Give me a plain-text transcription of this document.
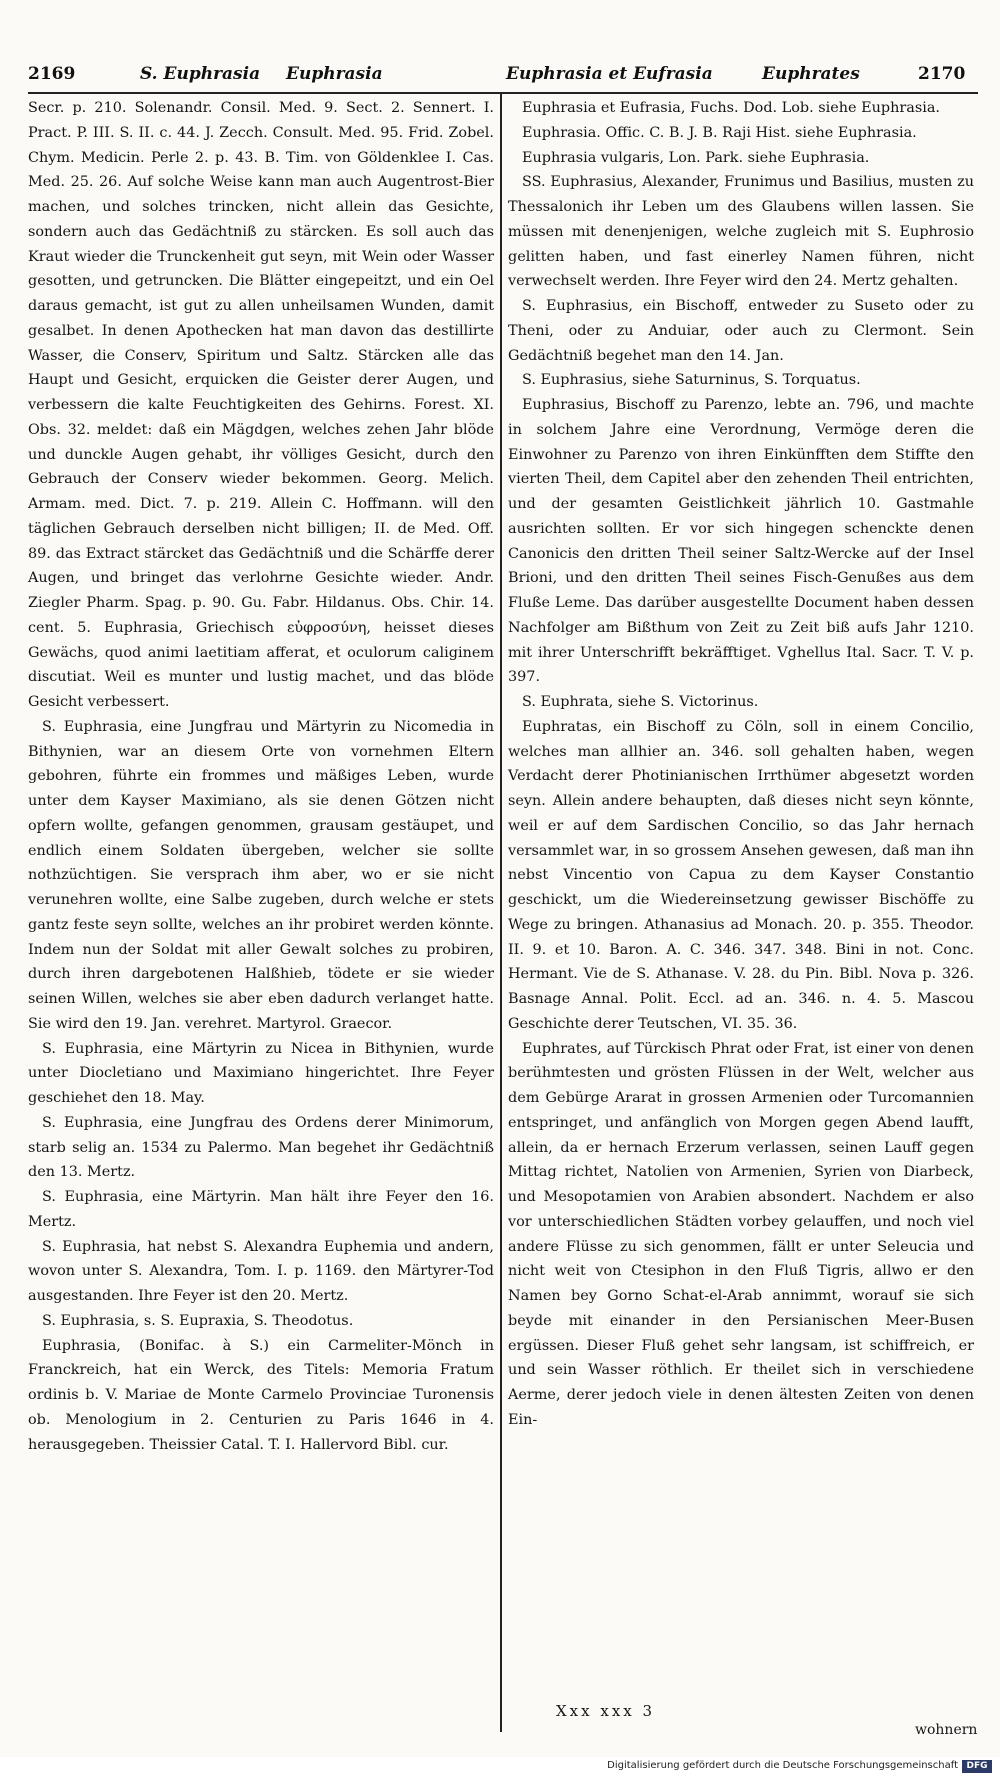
2169	S. Euphrasia Euphrasia	Euphrasia et Eufrasia	Euphrates	2170

Secr. p. 210. Solenandr. Consil. Med. 9. Sect. 2. Sennert. I. Pract. P. III. S. II. c. 44. J. Zecch. Consult. Med. 95. Frid. Zobel. Chym. Medicin. Perle 2. p. 43. B. Tim. von Göldenklee I. Cas. Med. 25. 26. Auf solche Weise kann man auch Augentrost-Bier machen, und solches trincken, nicht allein das Gesichte, sondern auch das Gedächtniß zu stärcken. Es soll auch das Kraut wieder die Trunckenheit gut seyn, mit Wein oder Wasser gesotten, und getruncken. Die Blätter eingepeitzt, und ein Oel daraus gemacht, ist gut zu allen unheilsamen Wunden, damit gesalbet. In denen Apothecken hat man davon das destillirte Wasser, die Conserv, Spiritum und Saltz. Stärcken alle das Haupt und Gesicht, erquicken die Geister derer Augen, und verbessern die kalte Feuchtigkeiten des Gehirns. Forest. XI. Obs. 32. meldet: daß ein Mägdgen, welches zehen Jahr blöde und dunckle Augen gehabt, ihr völliges Gesicht, durch den Gebrauch der Conserv wieder bekommen. Georg. Melich. Armam. med. Dict. 7. p. 219. Allein C. Hoffmann. will den täglichen Gebrauch derselben nicht billigen; II. de Med. Off. 89. das Extract stärcket das Gedächtniß und die Schärffe derer Augen, und bringet das verlohrne Gesichte wieder. Andr. Ziegler Pharm. Spag. p. 90. Gu. Fabr. Hildanus. Obs. Chir. 14. cent. 5. Euphrasia, Griechisch εὐφροσύνη, heisset dieses Gewächs, quod animi laetitiam afferat, et oculorum caliginem discutiat. Weil es munter und lustig machet, und das blöde Gesicht verbessert.

S. Euphrasia, eine Jungfrau und Märtyrin zu Nicomedia in Bithynien, war an diesem Orte von vornehmen Eltern gebohren, führte ein frommes und mäßiges Leben, wurde unter dem Kayser Maximiano, als sie denen Götzen nicht opfern wollte, gefangen genommen, grausam gestäupet, und endlich einem Soldaten übergeben, welcher sie sollte nothzüchtigen. Sie versprach ihm aber, wo er sie nicht verunehren wollte, eine Salbe zugeben, durch welche er stets gantz feste seyn sollte, welches an ihr probiret werden könnte. Indem nun der Soldat mit aller Gewalt solches zu probiren, durch ihren dargebotenen Halßhieb, tödete er sie wieder seinen Willen, welches sie aber eben dadurch verlanget hatte. Sie wird den 19. Jan. verehret. Martyrol. Graecor.

S. Euphrasia, eine Märtyrin zu Nicea in Bithynien, wurde unter Diocletiano und Maximiano hingerichtet. Ihre Feyer geschiehet den 18. May.

S. Euphrasia, eine Jungfrau des Ordens derer Minimorum, starb selig an. 1534 zu Palermo. Man begehet ihr Gedächtniß den 13. Mertz.

S. Euphrasia, eine Märtyrin. Man hält ihre Feyer den 16. Mertz.

S. Euphrasia, hat nebst S. Alexandra Euphemia und andern, wovon unter S. Alexandra, Tom. I. p. 1169. den Märtyrer-Tod ausgestanden. Ihre Feyer ist den 20. Mertz.

S. Euphrasia, s. S. Eupraxia, S. Theodotus.

Euphrasia, (Bonifac. à S.) ein Carmeliter-Mönch in Franckreich, hat ein Werck, des Titels: Memoria Fratum ordinis b. V. Mariae de Monte Carmelo Provinciae Turonensis ob. Menologium in 2. Centurien zu Paris 1646 in 4. herausgegeben. Theissier Catal. T. I. Hallervord Bibl. cur.

Euphrasia et Eufrasia, Fuchs. Dod. Lob. siehe Euphrasia.

Euphrasia. Offic. C. B. J. B. Raji Hist. siehe Euphrasia.

Euphrasia vulgaris, Lon. Park. siehe Euphrasia.

SS. Euphrasius, Alexander, Frunimus und Basilius, musten zu Thessalonich ihr Leben um des Glaubens willen lassen. Sie müssen mit denenjenigen, welche zugleich mit S. Euphrosio gelitten haben, und fast einerley Namen führen, nicht verwechselt werden. Ihre Feyer wird den 24. Mertz gehalten.

S. Euphrasius, ein Bischoff, entweder zu Suseto oder zu Theni, oder zu Anduiar, oder auch zu Clermont. Sein Gedächtniß begehet man den 14. Jan.

S. Euphrasius, siehe Saturninus, S. Torquatus.

Euphrasius, Bischoff zu Parenzo, lebte an. 796, und machte in solchem Jahre eine Verordnung, Vermöge deren die Einwohner zu Parenzo von ihren Einkünfften dem Stiffte den vierten Theil, dem Capitel aber den zehenden Theil entrichten, und der gesamten Geistlichkeit jährlich 10. Gastmahle ausrichten sollten. Er vor sich hingegen schenckte denen Canonicis den dritten Theil seiner Saltz-Wercke auf der Insel Brioni, und den dritten Theil seines Fisch-Genußes aus dem Fluße Leme. Das darüber ausgestellte Document haben dessen Nachfolger am Bißthum von Zeit zu Zeit biß aufs Jahr 1210. mit ihrer Unterschrifft bekräfftiget. Vghellus Ital. Sacr. T. V. p. 397.

S. Euphrata, siehe S. Victorinus.

Euphratas, ein Bischoff zu Cöln, soll in einem Concilio, welches man allhier an. 346. soll gehalten haben, wegen Verdacht derer Photinianischen Irrthümer abgesetzt worden seyn. Allein andere behaupten, daß dieses nicht seyn könnte, weil er auf dem Sardischen Concilio, so das Jahr hernach versammlet war, in so grossem Ansehen gewesen, daß man ihn nebst Vincentio von Capua zu dem Kayser Constantio geschickt, um die Wiedereinsetzung gewisser Bischöffe zu Wege zu bringen. Athanasius ad Monach. 20. p. 355. Theodor. II. 9. et 10. Baron. A. C. 346. 347. 348. Bini in not. Conc. Hermant. Vie de S. Athanase. V. 28. du Pin. Bibl. Nova p. 326. Basnage Annal. Polit. Eccl. ad an. 346. n. 4. 5. Mascou Geschichte derer Teutschen, VI. 35. 36.

Euphrates, auf Türckisch Phrat oder Frat, ist einer von denen berühmtesten und grösten Flüssen in der Welt, welcher aus dem Gebürge Ararat in grossen Armenien oder Turcomannien entspringet, und anfänglich von Morgen gegen Abend laufft, allein, da er hernach Erzerum verlassen, seinen Lauff gegen Mittag richtet, Natolien von Armenien, Syrien von Diarbeck, und Mesopotamien von Arabien absondert. Nachdem er also vor unterschiedlichen Städten vorbey gelauffen, und noch viel andere Flüsse zu sich genommen, fällt er unter Seleucia und nicht weit von Ctesiphon in den Fluß Tigris, allwo er den Namen bey Gorno Schat-el-Arab annimmt, worauf sie sich beyde mit einander in den Persianischen Meer-Busen ergüssen. Dieser Fluß gehet sehr langsam, ist schiffreich, er und sein Wasser röthlich. Er theilet sich in verschiedene Aerme, derer jedoch viele in denen ältesten Zeiten von denen Ein-

Xxx xxx 3
wohnern
Digitalisierung gefördert durch die Deutsche Forschungsgemeinschaft DFG
